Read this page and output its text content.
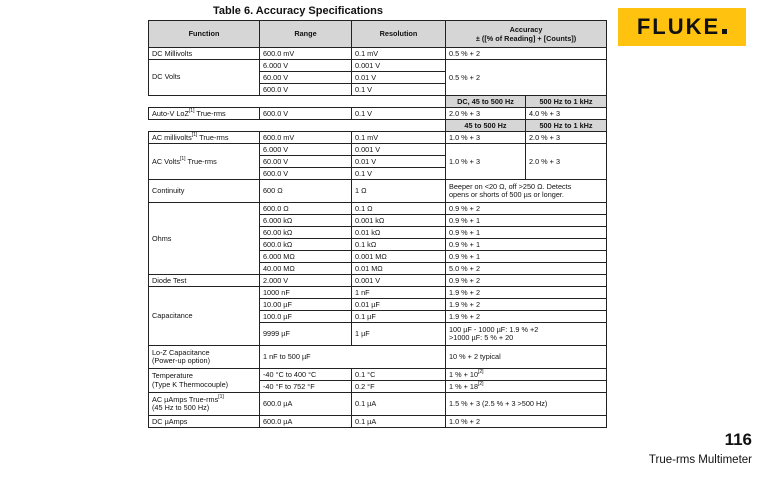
Table 6. Accuracy Specifications
Function	Range	Resolution	Accuracy
± ([% of Reading] + [Counts])	

DC Millivolts	600.0 mV	0.1 mV	0.5 % + 2	
DC Volts	6.000 V	0.001 V	0.5 % + 2	
	60.00 V	0.01 V		
	600.0 V	0.1 V		
			DC, 45 to 500 Hz	500 Hz to 1 kHz
Auto-V LoZ[1] True-rms	600.0 V	0.1 V	2.0 % + 3	4.0 % + 3
			45 to 500 Hz	500 Hz to 1 kHz
AC millivolts[1] True-rms	600.0 mV	0.1 mV	1.0 % + 3	2.0 % + 3
AC Volts[1] True-rms	6.000 V	0.001 V	1.0 % + 3	2.0 % + 3
	60.00 V	0.01 V		
	600.0 V	0.1 V		
Continuity	600 Ω	1 Ω	Beeper on <20 Ω, off >250 Ω. Detects
opens or shorts of 500 µs or longer.	
Ohms	600.0 Ω	0.1 Ω	0.9 % + 2	
	6.000 kΩ	0.001 kΩ	0.9 % + 1	
	60.00 kΩ	0.01 kΩ	0.9 % + 1	
	600.0 kΩ	0.1 kΩ	0.9 % + 1	
	6.000 MΩ	0.001 MΩ	0.9 % + 1	
	40.00 MΩ	0.01 MΩ	5.0 % + 2	
Diode Test	2.000 V	0.001 V	0.9 % + 2	
Capacitance	1000 nF	1 nF	1.9 % + 2	
	10.00 µF	0.01 µF	1.9 % + 2	
	100.0 µF	0.1 µF	1.9 % + 2	
	9999 µF	1 µF	100 µF - 1000 µF: 1.9 % +2
>1000 µF: 5 % + 20	
Lo-Z Capacitance
(Power-up option)	1 nF to 500 µF		10 % + 2 typical	
Temperature
(Type K Thermocouple)	-40 °C to 400 °C	0.1 °C	1 % + 10[2]
	-40 °F to 752 °F	0.2 °F	1 % + 18[2]
AC µAmps True-rms[1]
(45 Hz to 500 Hz)	600.0 µA	0.1 µA	1.5 % + 3 (2.5 % + 3 >500 Hz)	
DC µAmps	600.0 µA	0.1 µA	1.0 % + 2	
FLUKE
116
True-rms Multimeter
